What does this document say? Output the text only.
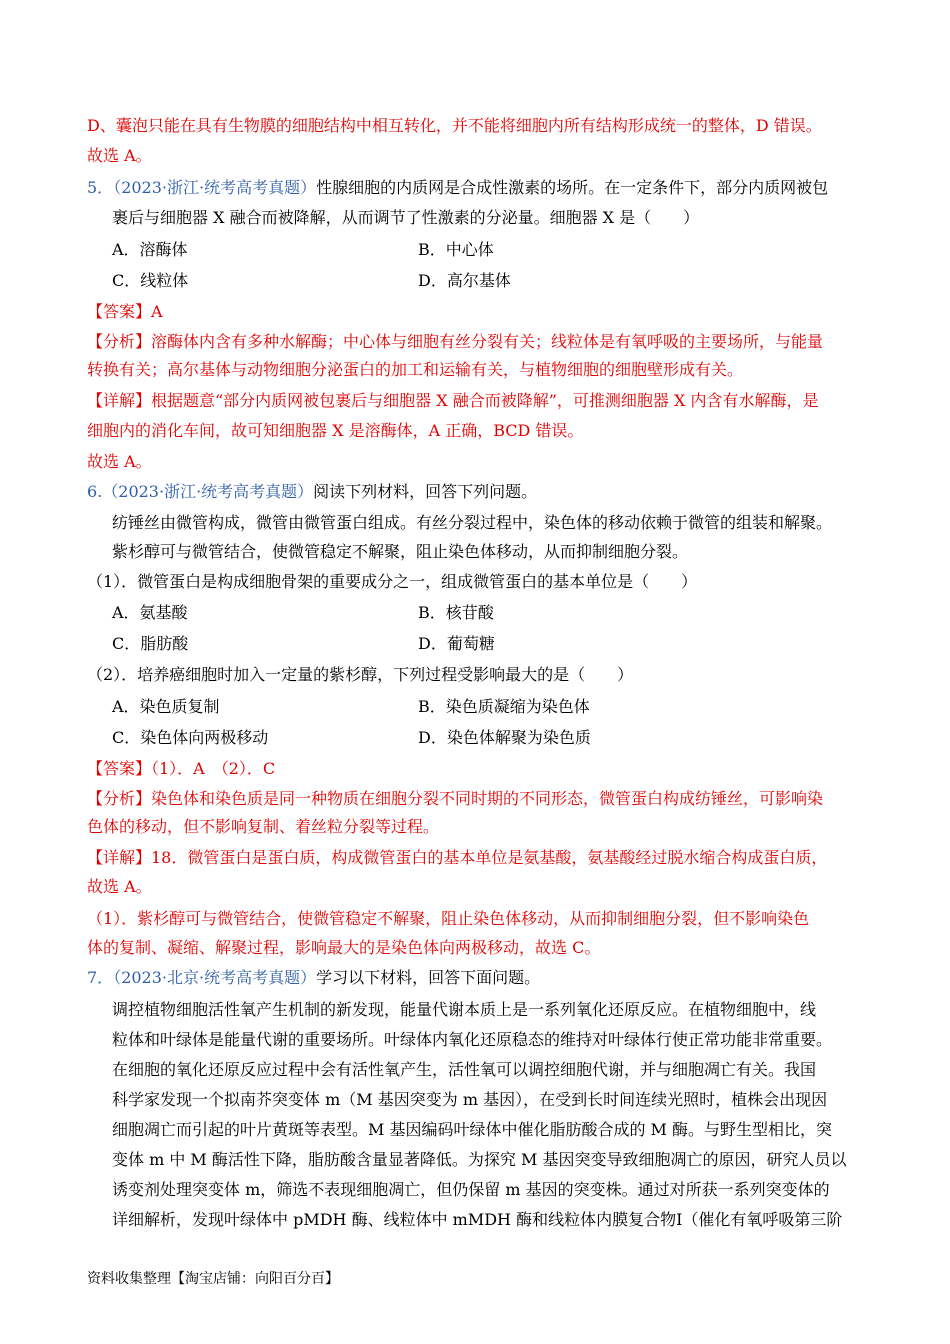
D、囊泡只能在具有生物膜的细胞结构中相互转化，并不能将细胞内所有结构形成统一的整体，D 错误。
故选 A。
5．（2023·浙江·统考高考真题）性腺细胞的内质网是合成性激素的场所。在一定条件下，部分内质网被包
裹后与细胞器 X 融合而被降解，从而调节了性激素的分泌量。细胞器 X 是（　　）
A．溶酶体	B．中心体
C．线粒体	D．高尔基体
【答案】A
【分析】溶酶体内含有多种水解酶；中心体与细胞有丝分裂有关；线粒体是有氧呼吸的主要场所，与能量
转换有关；高尔基体与动物细胞分泌蛋白的加工和运输有关，与植物细胞的细胞壁形成有关。
【详解】根据题意“部分内质网被包裹后与细胞器 X 融合而被降解”，可推测细胞器 X 内含有水解酶，是
细胞内的消化车间，故可知细胞器 X 是溶酶体，A 正确，BCD 错误。
故选 A。
6.（2023·浙江·统考高考真题）阅读下列材料，回答下列问题。
纺锤丝由微管构成，微管由微管蛋白组成。有丝分裂过程中，染色体的移动依赖于微管的组装和解聚。
紫杉醇可与微管结合，使微管稳定不解聚，阻止染色体移动，从而抑制细胞分裂。
（1）．微管蛋白是构成细胞骨架的重要成分之一，组成微管蛋白的基本单位是（　　）
A．氨基酸	B．核苷酸
C．脂肪酸	D．葡萄糖
（2）．培养癌细胞时加入一定量的紫杉醇，下列过程受影响最大的是（　　）
A．染色质复制	B．染色质凝缩为染色体
C．染色体向两极移动	D．染色体解聚为染色质
【答案】（1）．A　（2）．C
【分析】染色体和染色质是同一种物质在细胞分裂不同时期的不同形态，微管蛋白构成纺锤丝，可影响染
色体的移动，但不影响复制、着丝粒分裂等过程。
【详解】18．微管蛋白是蛋白质，构成微管蛋白的基本单位是氨基酸，氨基酸经过脱水缩合构成蛋白质，
故选 A。
（1）．紫杉醇可与微管结合，使微管稳定不解聚，阻止染色体移动，从而抑制细胞分裂，但不影响染色
体的复制、凝缩、解聚过程，影响最大的是染色体向两极移动，故选 C。
7．（2023·北京·统考高考真题）学习以下材料，回答下面问题。
调控植物细胞活性氧产生机制的新发现，能量代谢本质上是一系列氧化还原反应。在植物细胞中，线
粒体和叶绿体是能量代谢的重要场所。叶绿体内氧化还原稳态的维持对叶绿体行使正常功能非常重要。
在细胞的氧化还原反应过程中会有活性氧产生，活性氧可以调控细胞代谢，并与细胞凋亡有关。我国
科学家发现一个拟南芥突变体 m（M 基因突变为 m 基因），在受到长时间连续光照时，植株会出现因
细胞凋亡而引起的叶片黄斑等表型。M 基因编码叶绿体中催化脂肪酸合成的 M 酶。与野生型相比，突
变体 m 中 M 酶活性下降，脂肪酸含量显著降低。为探究 M 基因突变导致细胞凋亡的原因，研究人员以
诱变剂处理突变体 m，筛选不表现细胞凋亡，但仍保留 m 基因的突变株。通过对所获一系列突变体的
详细解析，发现叶绿体中 pMDH 酶、线粒体中 mMDH 酶和线粒体内膜复合物Ⅰ（催化有氧呼吸第三阶
资料收集整理【淘宝店铺：向阳百分百】
